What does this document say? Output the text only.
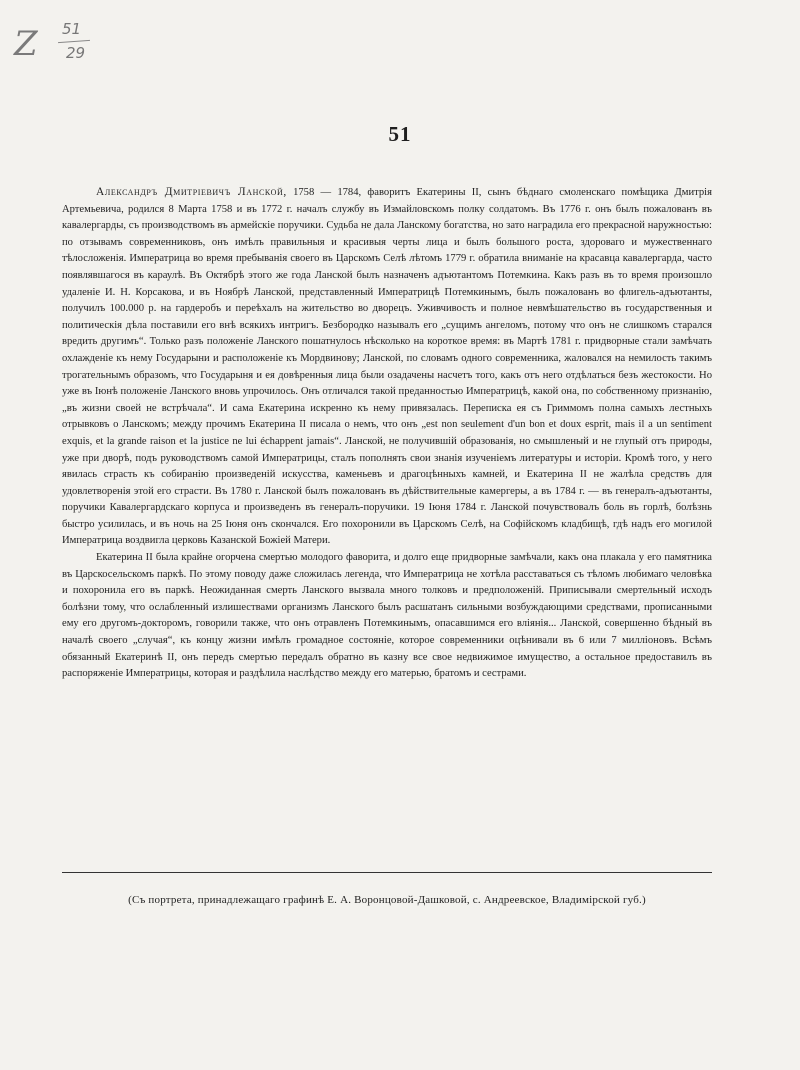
Z 51
29
51

Александръ Дмитріевичъ Ланской, 1758 — 1784, фаворитъ Екатерины II, сынъ бѣднаго смоленскаго помѣщика Дмитрія Артемьевича, родился 8 Марта 1758 и въ 1772 г. началъ службу въ Измайловскомъ полку солдатомъ. Въ 1776 г. онъ былъ пожалованъ въ кавалергарды, съ производствомъ въ армейскіе поручики. Судьба не дала Ланскому богатства, но зато наградила его прекрасной наружностью: по отзывамъ современниковъ, онъ имѣлъ правильныя и красивыя черты лица и былъ большого роста, здороваго и мужественнаго тѣлосложенія. Императрица во время пребыванія своего въ Царскомъ Селѣ лѣтомъ 1779 г. обратила вниманіе на красавца кавалергарда, часто появлявшагося въ караулѣ. Въ Октябрѣ этого же года Ланской былъ назначенъ адъютантомъ Потемкина. Какъ разъ въ то время произошло удаленіе И. Н. Корсакова, и въ Ноябрѣ Ланской, представленный Императрицѣ Потемкинымъ, былъ пожалованъ во флигель-адъютанты, получилъ 100.000 р. на гардеробъ и переѣхалъ на жительство во дворецъ. Уживчивость и полное невмѣшательство въ государственныя и политическія дѣла поставили его внѣ всякихъ интригъ. Безбородко называлъ его „сущимъ ангеломъ, потому что онъ не слишкомъ старался вредить другимъ“. Только разъ положеніе Ланского пошатнулось нѣсколько на короткое время: въ Мартѣ 1781 г. придворные стали замѣчать охлажденіе къ нему Государыни и расположеніе къ Мордвинову; Ланской, по словамъ одного современника, жаловался на немилость такимъ трогательнымъ образомъ, что Государыня и ея довѣренныя лица были озадачены насчетъ того, какъ отъ него отдѣлаться безъ жестокости. Но уже въ Іюнѣ положеніе Ланского вновь упрочилось. Онъ отличался такой преданностью Императрицѣ, какой она, по собственному признанію, „въ жизни своей не встрѣчала“. И сама Екатерина искренно къ нему привязалась. Переписка ея съ Гриммомъ полна самыхъ лестныхъ отрывковъ о Ланскомъ; между прочимъ Екатерина II писала о немъ, что онъ „est non seulement d'un bon et doux esprit, mais il a un sentiment exquis, et la grande raison et la justice ne lui échappent jamais“. Ланской, не получившій образованія, но смышленый и не глупый отъ природы, уже при дворѣ, подъ руководствомъ самой Императрицы, сталъ пополнять свои знанія изученіемъ литературы и исторіи. Кромѣ того, у него явилась страсть къ собиранію произведеній искусства, каменьевъ и драгоцѣнныхъ камней, и Екатерина II не жалѣла средствъ для удовлетворенія этой его страсти. Въ 1780 г. Ланской былъ пожалованъ въ дѣйствительные камергеры, а въ 1784 г. — въ генералъ-адъютанты, поручики Кавалергардскаго корпуса и произведенъ въ генералъ-поручики. 19 Іюня 1784 г. Ланской почувствовалъ боль въ горлѣ, болѣзнь быстро усилилась, и въ ночь на 25 Іюня онъ скончался. Его похоронили въ Царскомъ Селѣ, на Софійскомъ кладбищѣ, гдѣ надъ его могилой Императрица воздвигла церковь Казанской Божіей Матери.

Екатерина II была крайне огорчена смертью молодого фаворита, и долго еще придворные замѣчали, какъ она плакала у его памятника въ Царскосельскомъ паркѣ. По этому поводу даже сложилась легенда, что Императрица не хотѣла расставаться съ тѣломъ любимаго человѣка и похоронила его въ паркѣ. Неожиданная смерть Ланского вызвала много толковъ и предположеній. Приписывали смертельный исходъ болѣзни тому, что ослабленный излишествами организмъ Ланского былъ расшатанъ сильными возбуждающими средствами, прописанными ему его другомъ-докторомъ, говорили также, что онъ отравленъ Потемкинымъ, опасавшимся его вліянія... Ланской, совершенно бѣдный въ началѣ своего „случая“, къ концу жизни имѣлъ громадное состояніе, которое современники оцѣнивали въ 6 или 7 милліоновъ. Всѣмъ обязанный Екатеринѣ II, онъ передъ смертью передалъ обратно въ казну все свое недвижимое имущество, а остальное предоставилъ въ распоряженіе Императрицы, которая и раздѣлила наслѣдство между его матерью, братомъ и сестрами.

(Съ портрета, принадлежащаго графинѣ Е. А. Воронцовой-Дашковой, с. Андреевское, Владимірской губ.)
